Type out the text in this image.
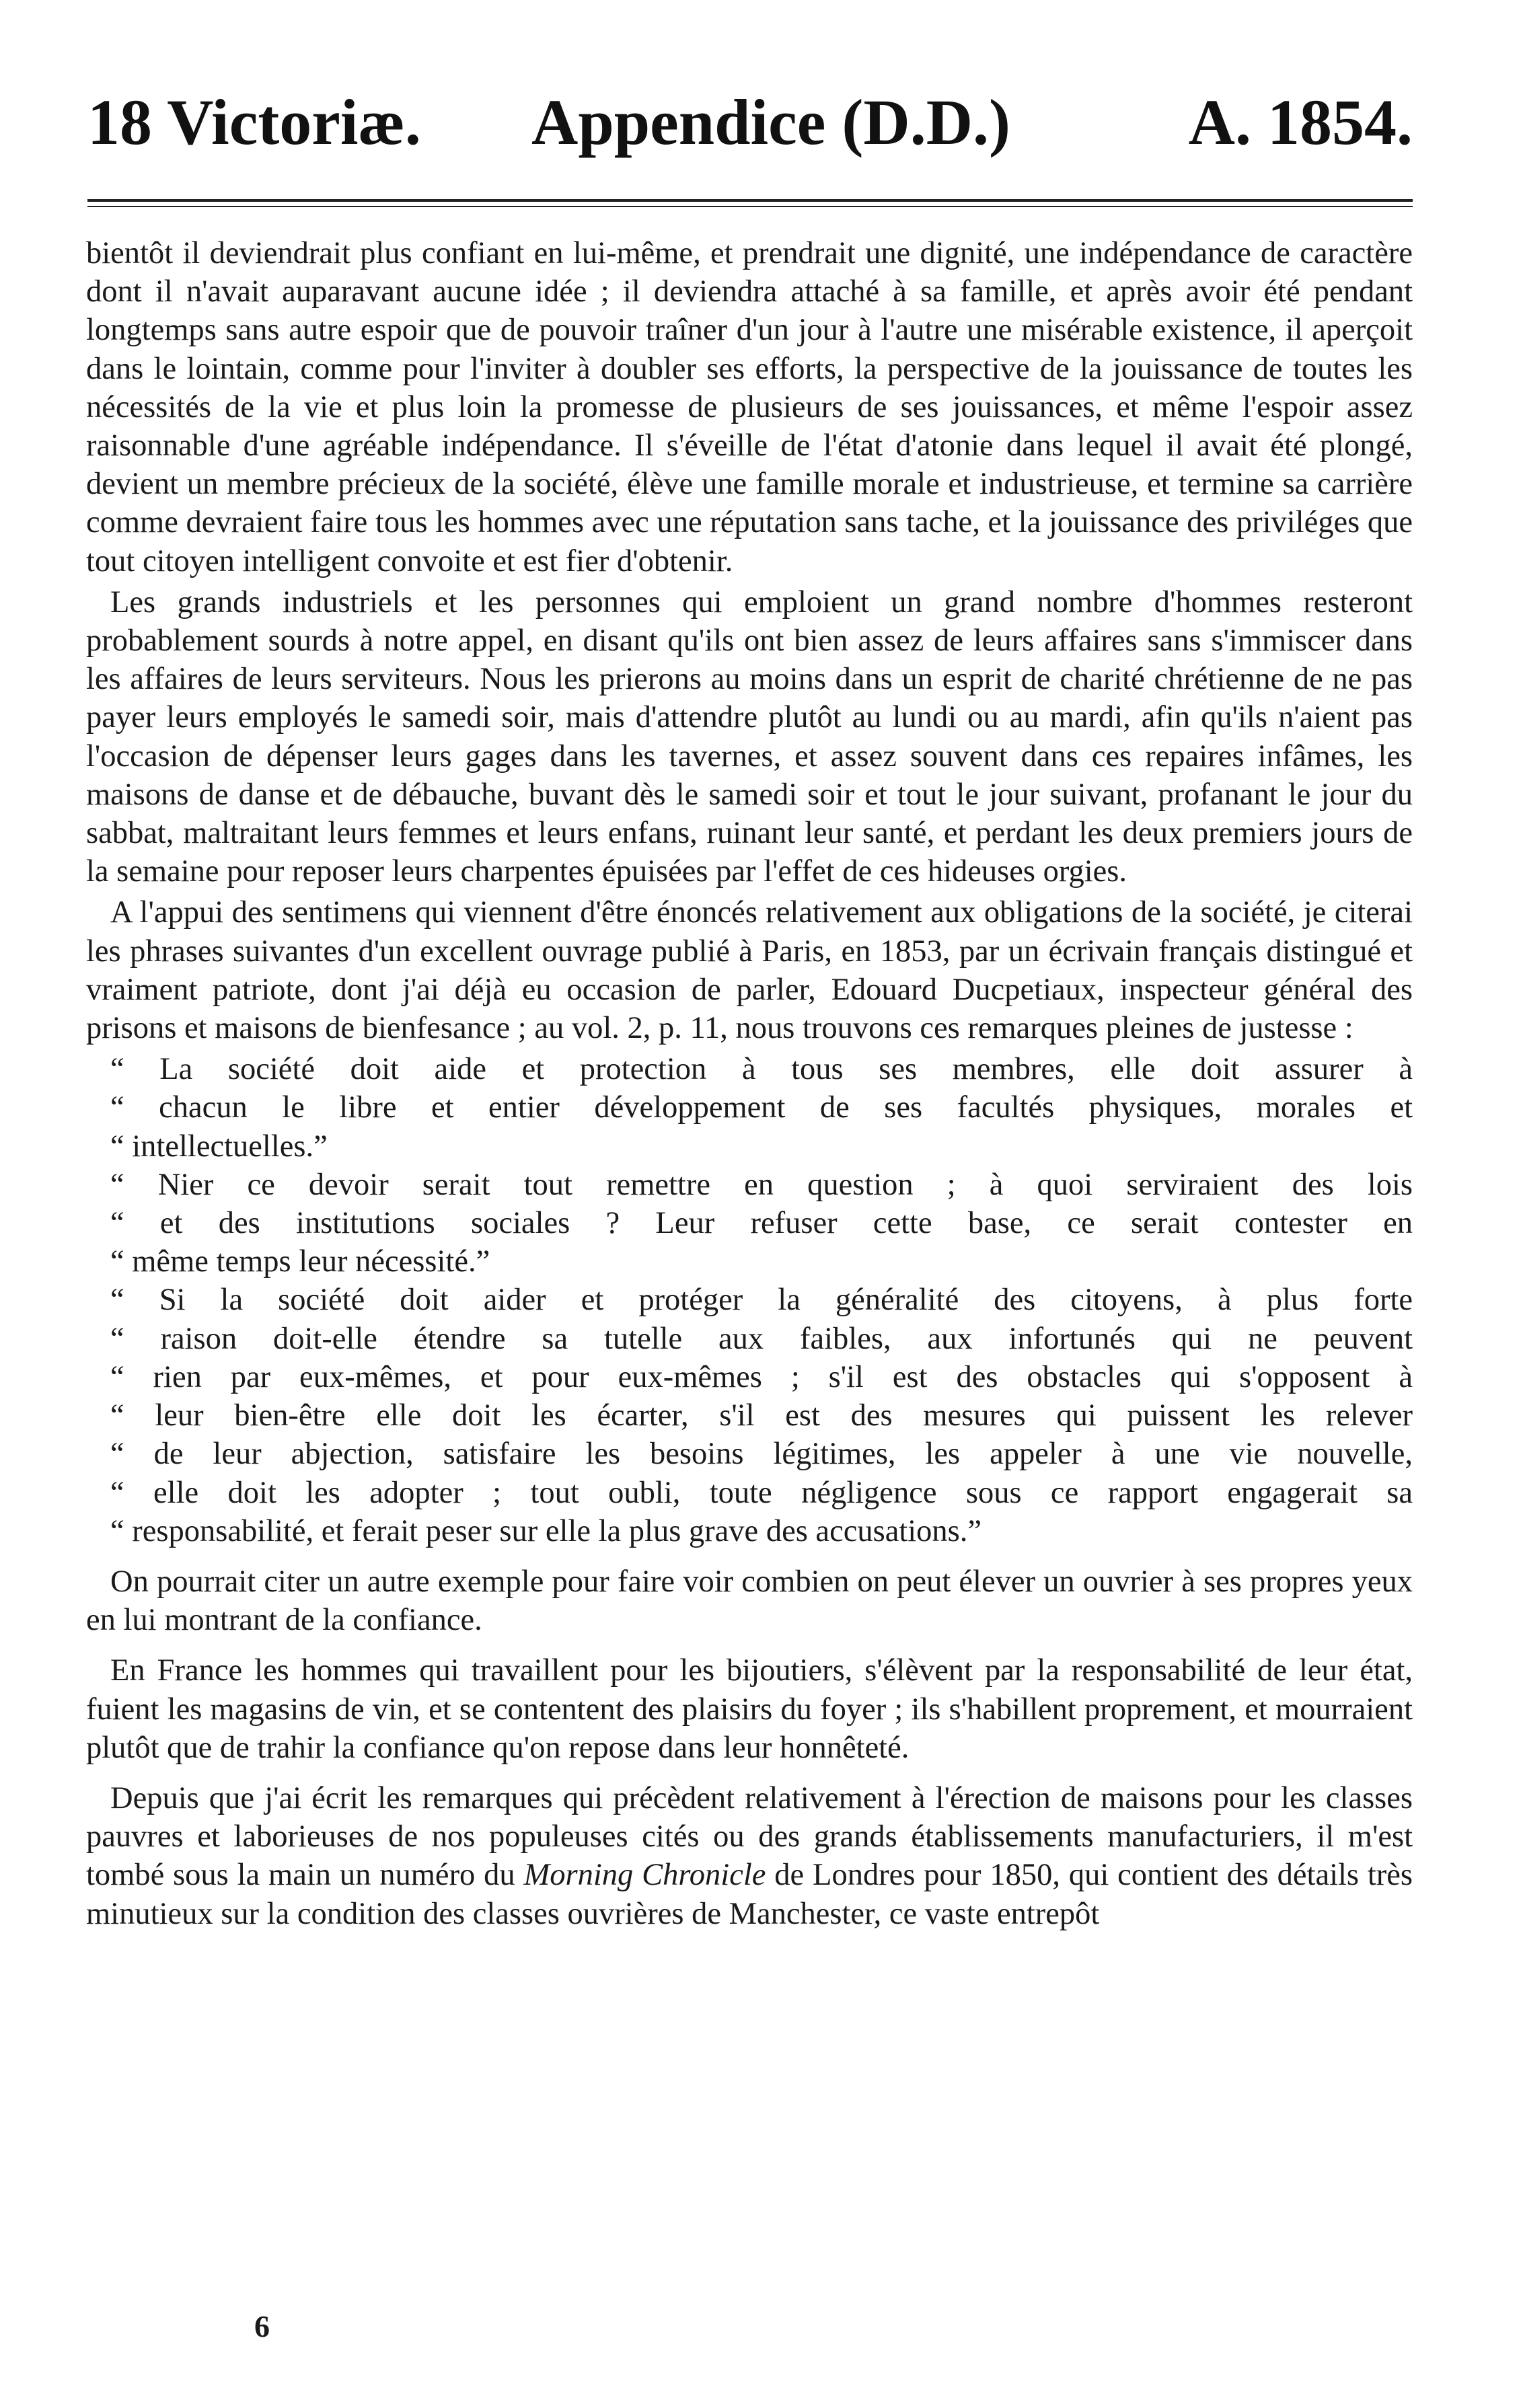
18 Victoriæ. Appendice (D.D.)	A. 1854.

bientôt il deviendrait plus confiant en lui-même, et prendrait une dignité, une indépendance de caractère dont il n'avait auparavant aucune idée ; il deviendra attaché à sa famille, et après avoir été pendant longtemps sans autre espoir que de pouvoir traîner d'un jour à l'autre une misérable existence, il aperçoit dans le lointain, comme pour l'inviter à doubler ses efforts, la perspective de la jouissance de toutes les nécessités de la vie et plus loin la promesse de plusieurs de ses jouissances, et même l'espoir assez raisonnable d'une agréable indépendance. Il s'éveille de l'état d'atonie dans lequel il avait été plongé, devient un membre précieux de la société, élève une famille morale et industrieuse, et termine sa carrière comme devraient faire tous les hommes avec une réputation sans tache, et la jouissance des priviléges que tout citoyen intelligent convoite et est fier d'obtenir.

Les grands industriels et les personnes qui emploient un grand nombre d'hommes resteront probablement sourds à notre appel, en disant qu'ils ont bien assez de leurs affaires sans s'immiscer dans les affaires de leurs serviteurs. Nous les prierons au moins dans un esprit de charité chrétienne de ne pas payer leurs employés le samedi soir, mais d'attendre plutôt au lundi ou au mardi, afin qu'ils n'aient pas l'occasion de dépenser leurs gages dans les tavernes, et assez souvent dans ces repaires infâmes, les maisons de danse et de débauche, buvant dès le samedi soir et tout le jour suivant, profanant le jour du sabbat, maltraitant leurs femmes et leurs enfans, ruinant leur santé, et perdant les deux premiers jours de la semaine pour reposer leurs charpentes épuisées par l'effet de ces hideuses orgies.

A l'appui des sentimens qui viennent d'être énoncés relativement aux obligations de la société, je citerai les phrases suivantes d'un excellent ouvrage publié à Paris, en 1853, par un écrivain français distingué et vraiment patriote, dont j'ai déjà eu occasion de parler, Edouard Ducpetiaux, inspecteur général des prisons et maisons de bienfesance ; au vol. 2, p. 11, nous trouvons ces remarques pleines de justesse :

“ La société doit aide et protection à tous ses membres, elle doit assurer à
“ chacun le libre et entier développement de ses facultés physiques, morales et
“ intellectuelles.”
“ Nier ce devoir serait tout remettre en question ; à quoi serviraient des lois
“ et des institutions sociales ? Leur refuser cette base, ce serait contester en
“ même temps leur nécessité.”
“ Si la société doit aider et protéger la généralité des citoyens, à plus forte
“ raison doit-elle étendre sa tutelle aux faibles, aux infortunés qui ne peuvent
“ rien par eux-mêmes, et pour eux-mêmes ; s'il est des obstacles qui s'opposent à
“ leur bien-être elle doit les écarter, s'il est des mesures qui puissent les relever
“ de leur abjection, satisfaire les besoins légitimes, les appeler à une vie nouvelle,
“ elle doit les adopter ; tout oubli, toute négligence sous ce rapport engagerait sa
“ responsabilité, et ferait peser sur elle la plus grave des accusations.”

On pourrait citer un autre exemple pour faire voir combien on peut élever un ouvrier à ses propres yeux en lui montrant de la confiance.

En France les hommes qui travaillent pour les bijoutiers, s'élèvent par la responsabilité de leur état, fuient les magasins de vin, et se contentent des plaisirs du foyer ; ils s'habillent proprement, et mourraient plutôt que de trahir la confiance qu'on repose dans leur honnêteté.

Depuis que j'ai écrit les remarques qui précèdent relativement à l'érection de maisons pour les classes pauvres et laborieuses de nos populeuses cités ou des grands établissements manufacturiers, il m'est tombé sous la main un numéro du Morning Chronicle de Londres pour 1850, qui contient des détails très minutieux sur la condition des classes ouvrières de Manchester, ce vaste entrepôt

6
